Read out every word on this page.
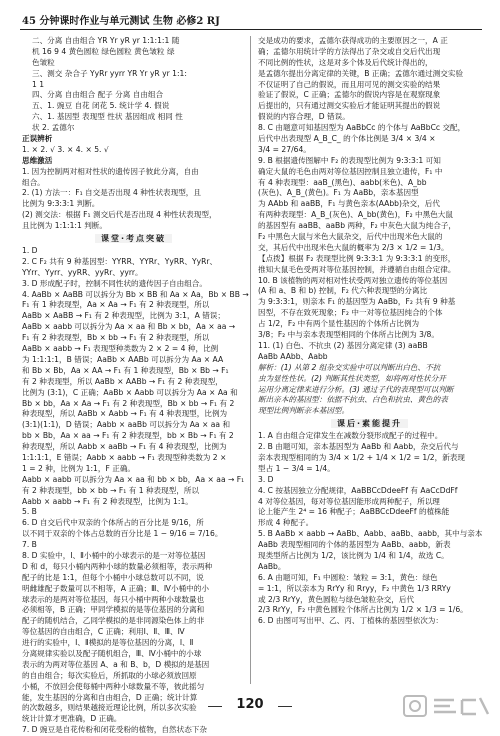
45 分钟课时作业与单元测试 生物 必修2 RJ
二、分离 自由组合 YR Yr yR yr 1:1:1:1 随
机 16 9 4 黄色圆粒 绿色圆粒 黄色皱粒 绿
色皱粒
三、测交 杂合子 YyRr yyrr YR Yr yR yr 1:1:
1 1
四、分离 自由组合 配子 分离 自由组合
五、1. 豌豆 自花 闭花 5. 统计学 4. 假说
六、1. 基因型 表现型 性状 基因组成 相同 性
状 2. 孟德尔
正误辨析
1. × 2. √ 3. × 4. × 5. √
思维激活
1. 因为控制两对相对性状的遗传因子彼此分离，自由
组合。
2. (1) 方法一：F₁ 自交是否出现 4 种性状表现型，且
比例为 9:3:3:1 判断。
(2) 测交法：根据 F₁ 测交后代是否出现 4 种性状表现型，
且比例为 1:1:1:1 判断。
课堂·考点突破
1. D
2. C F₂ 共有 9 种基因型：YYRR、YYRr、YyRR、YyRr、
YYrr、Yyrr、yyRR、yyRr、yyrr。
3. D 形成配子时，控制不同性状的遗传因子自由组合。
4. AaBb × AaBB 可以拆分为 Bb × BB 和 Aa × Aa，Bb × BB →
F₁ 有 1 种表现型，Aa × Aa → F₁ 有 2 种表现型，所以
AaBb × AaBB → F₁ 有 2 种表现型，比例为 3:1，A 错误；
AaBb × aabb 可以拆分为 Aa × aa 和 Bb × bb，Aa × aa →
F₁ 有 2 种表现型，Bb × bb → F₁ 有 2 种表现型，所以
AaBb × aabb → F₁ 表现型种类数为 2 × 2 = 4 种，比例
为 1:1:1:1，B 错误；AaBb × AABb 可以拆分为 Aa × AA
和 Bb × Bb，Aa × AA → F₁ 有 1 种表现型，Bb × Bb → F₁
有 2 种表现型，所以 AaBb × AABb → F₁ 有 2 种表现型，
比例为 (3:1)，C 正确；AaBb × Aabb 可以拆分为 Aa × Aa 和
Bb × bb，Aa × Aa → F₁ 有 2 种表现型，Bb × bb → F₁ 有 2
种表现型，所以 AaBb × Aabb → F₁ 有 4 种表现型，比例为
(3:1)(1:1)，D 错误；Aabb × aaBb 可以拆分为 Aa × aa 和
bb × Bb，Aa × aa → F₁ 有 2 种表现型，bb × Bb → F₁ 有 2
种表现型，所以 Aabb × aaBb → F₁ 有 4 种表现型，比例为
1:1:1:1，E 错误；Aabb × aabb → F₁ 表现型种类数为 2 ×
1 = 2 种，比例为 1:1，F 正确。
Aabb × aabb 可以拆分为 Aa × aa 和 bb × bb，Aa × aa → F₁
有 2 种表现型，bb × bb → F₁ 有 1 种表现型，所以
Aabb × aabb → F₁ 有 2 种表现型，比例为 1:1。
5. B
6. D 自交后代中双亲的个体所占的百分比是 9/16，所
以不同于双亲的个体占总数的百分比是 1 − 9/16 = 7/16。
7. B
8. D 实验中，Ⅰ、Ⅱ小桶中的小球表示的是一对等位基因
D 和 d，每只小桶内两种小球的数量必须相等，表示两种
配子的比是 1:1，但每个小桶中小球总数可以不同，说
明雌雄配子数量可以不相等，A 正确；Ⅲ、Ⅳ小桶中的小
球表示的是两对等位基因，每只小桶中两种小球数量也
必须相等，B 正确；甲同学模拟的是等位基因的分离和
配子的随机结合，乙同学模拟的是非同源染色体上的非
等位基因的自由组合，C 正确；利用Ⅰ、Ⅱ、Ⅲ、Ⅳ
进行的实验中，Ⅰ、Ⅱ模拟的是等位基因的分离，Ⅰ、Ⅱ
分离规律实验以及配子随机组合，Ⅲ、Ⅳ小桶中的小球
表示的为两对等位基因 A、a 和 B、b，D 模拟的是基因
的自由组合；每次实验后，所抓取的小球必须放回原
小桶，不放回会使每桶中两种小球数量不等，彼此摇匀
能，发生基因的分离和自由组合，D 正确；统计计算
的次数越多，则结果越接近理论比例，所以多次实验
统计计算才更准确，D 正确。
7. D 豌豆是自花传粉和闭花受粉的植物，自然状态下杂
交是成功的要求，孟德尔获得成功的主要原因之一，A 正
确；孟德尔用统计学的方法得出了杂交或自交后代出现
不同比例的性状，这是对多个体及后代统计得出的，
是孟德尔提出分离定律的关键，B 正确；孟德尔通过测交实验
不仅证明了自己的假说，而且用可见的测交实验的结果
验证了假说，C 正确；孟德尔的假说内容是在观察现象
后提出的，只有通过测交实验后才能证明其提出的假说
假说的内容合理，D 错误。
8. C 由题意可知基因型为 AaBbCc 的个体与 AaBbCc 交配，
后代中出表现型 A_B_C_ 的个体比例是 3/4 × 3/4 ×
3/4 = 27/64。
9. B 根据遗传图解中 F₂ 的表现型比例为 9:3:3:1 可知
确定大鼠的毛色由两对等位基因控制且独立遗传，F₁ 中
有 4 种表现型：aaB_(黑色)、aabb(米色)、A_bb
(灰色)、A_B_(黄色)。F₁ 为 AaBb，亲本基因型
为 AAbb 和 aaBB，F₁ 与黄色亲本(AAbb)杂交，后代
有两种表现型：A_B_(灰色)、A_bb(黄色)，F₂ 中黑色大鼠
的基因型有 aaBB、aaBb 两种，F₂ 中灰色大鼠为纯合子，
F₂ 中黑色大鼠与米色大鼠杂交，后代中出现米色大鼠的
交，其后代中出现米色大鼠的概率为 2/3 × 1/2 = 1/3。
【点拨】根据 F₂ 表现型比例 9:3:3:1 为 9:3:3:1 的变形，
推知大鼠毛色受两对等位基因控制，并遵循自由组合定律。
10. B 该植物的两对相对性状受两对独立遗传的等位基因
(A 和 a、B 和 b) 控制，F₂ 代六种表现型的分离比
为 9:3:3:1，则亲本 F₁ 的基因型为 AaBb，F₂ 共有 9 种基
因型，不存在致死现象；F₂ 中一对等位基因纯合的个体
占 1/2，F₂ 中有两个显性基因的个体所占比例为
3/8；F₂ 中与亲本表现型相同的个体所占比例为 3/8。
11. (1) 白色、不抗虫 (2) 基因分离定律 (3) aaBB
AaBb AAbb、Aabb
解析：(1) 从第 2 组杂交实验中可以判断出白色、不抗
虫为显性性状。(2) 判断其性状类型，如将两对性状分开
运用分离定律来进行分析。(3) 通过子代的表现型可以判断
断出亲本的基因型：依据不抗虫、白色和抗虫、黄色的表
现型比例判断亲本基因型。
课后·素能提升
1. A 自由组合定律发生在减数分裂形成配子的过程中。
2. B 由题可知，亲本基因型为 AaBb 和 Aabb，杂交后代与
亲本表现型相同的为 3/4 × 1/2 + 1/4 × 1/2 = 1/2，新表现
型占 1 − 3/4 = 1/4。
3. D
4. C 按基因独立分配规律，AaBBCcDdeeFf 有 AaCcDdFf
4 对等位基因，每对等位基因能形成两种配子，所以理
论上能产生 2⁴ = 16 种配子；AaBBCcDdeeFf 的植株能
形成 4 种配子。
5. B AaBb × aabb → AaBb、Aabb、aaBb、aabb，其中与亲本
AaBb 表现型相同的个体的基因型为 AaBb、aabb，新表
现类型所占比例为 1/2，该比例为 1/4 和 1/4，故选 C。
AaBb。
6. A 由题可知，F₁ 中圆粒：皱粒 = 3:1，黄色：绿色
= 1:1，所以亲本为 RrYy 和 Rryy，F₂ 中黄色 1/3 RRYy
或 2/3 RrYy，黄色圆粒与绿色皱粒杂交，后代
2/3 RrYy，F₂ 中黄色圆粒个体所占比例为 1/2 × 1/3 = 1/6。
6. D 由图可写出甲、乙、丙、丁植株的基因型依次为：
120
